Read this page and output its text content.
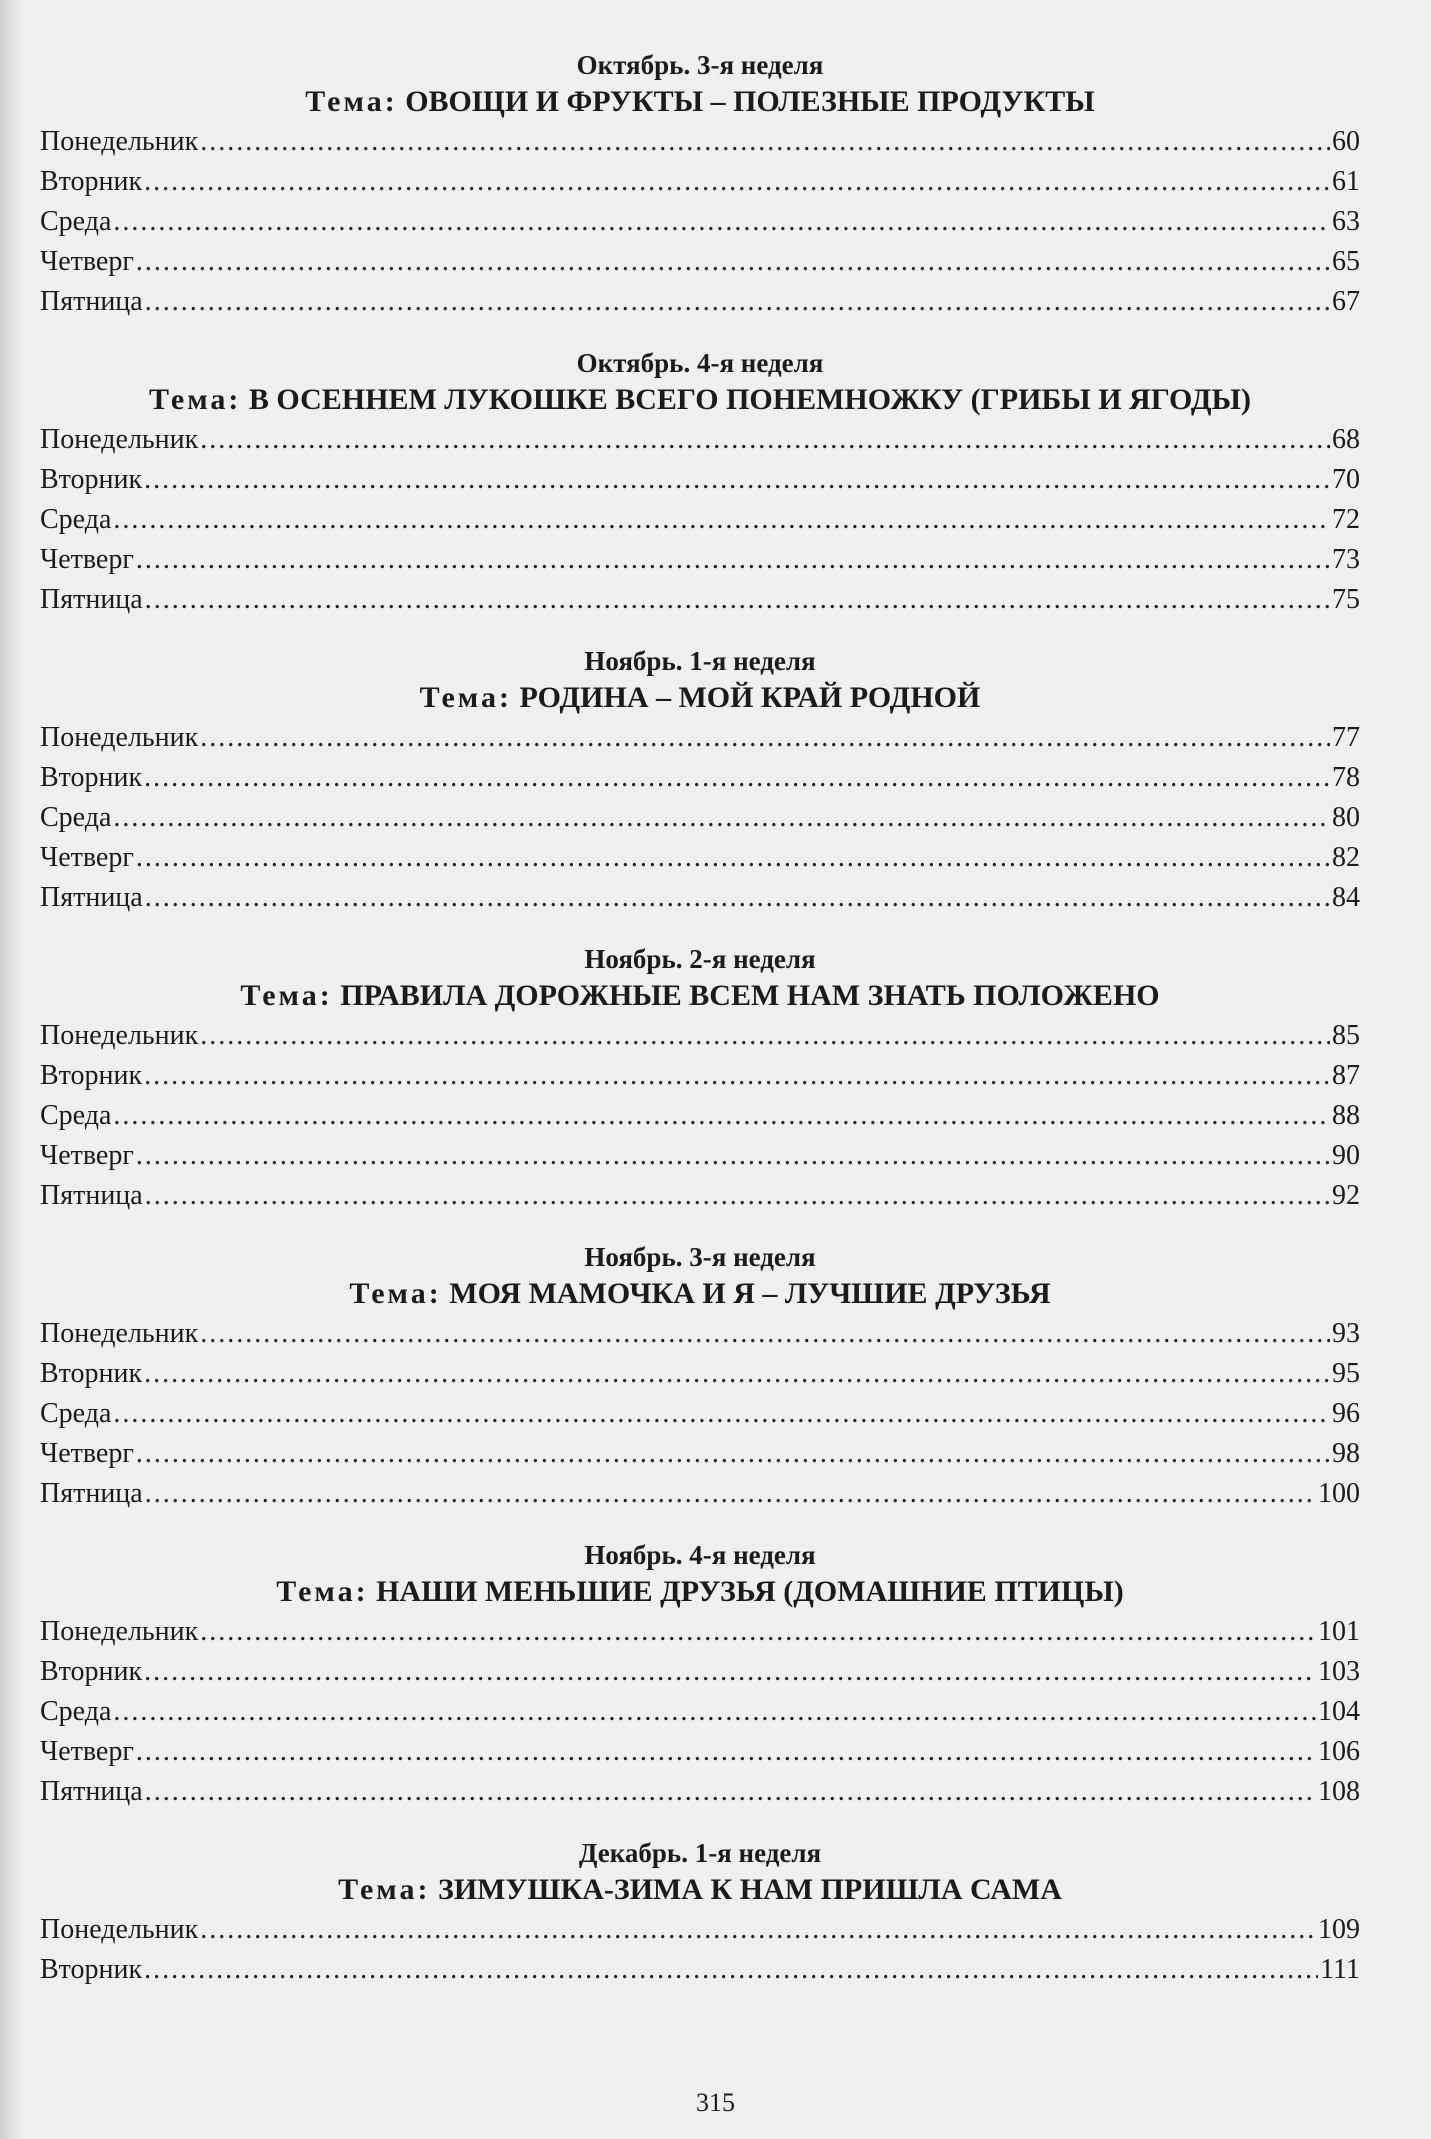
Октябрь. 3-я неделя
Тема: ОВОЩИ И ФРУКТЫ – ПОЛЕЗНЫЕ ПРОДУКТЫ
Понедельник .....	60
Вторник .....	61
Среда .....	63
Четверг .....	65
Пятница .....	67
Октябрь. 4-я неделя
Тема: В ОСЕННЕМ ЛУКОШКЕ ВСЕГО ПОНЕМНОЖКУ (ГРИБЫ И ЯГОДЫ)
Понедельник .....	68
Вторник .....	70
Среда .....	72
Четверг .....	73
Пятница .....	75
Ноябрь. 1-я неделя
Тема: РОДИНА – МОЙ КРАЙ РОДНОЙ
Понедельник .....	77
Вторник .....	78
Среда .....	80
Четверг .....	82
Пятница .....	84
Ноябрь. 2-я неделя
Тема: ПРАВИЛА ДОРОЖНЫЕ ВСЕМ НАМ ЗНАТЬ ПОЛОЖЕНО
Понедельник .....	85
Вторник .....	87
Среда .....	88
Четверг .....	90
Пятница .....	92
Ноябрь. 3-я неделя
Тема: МОЯ МАМОЧКА И Я – ЛУЧШИЕ ДРУЗЬЯ
Понедельник .....	93
Вторник .....	95
Среда .....	96
Четверг .....	98
Пятница .....	100
Ноябрь. 4-я неделя
Тема: НАШИ МЕНЬШИЕ ДРУЗЬЯ (ДОМАШНИЕ ПТИЦЫ)
Понедельник .....	101
Вторник .....	103
Среда .....	104
Четверг .....	106
Пятница .....	108
Декабрь. 1-я неделя
Тема: ЗИМУШКА-ЗИМА К НАМ ПРИШЛА САМА
Понедельник .....	109
Вторник .....	111
315
